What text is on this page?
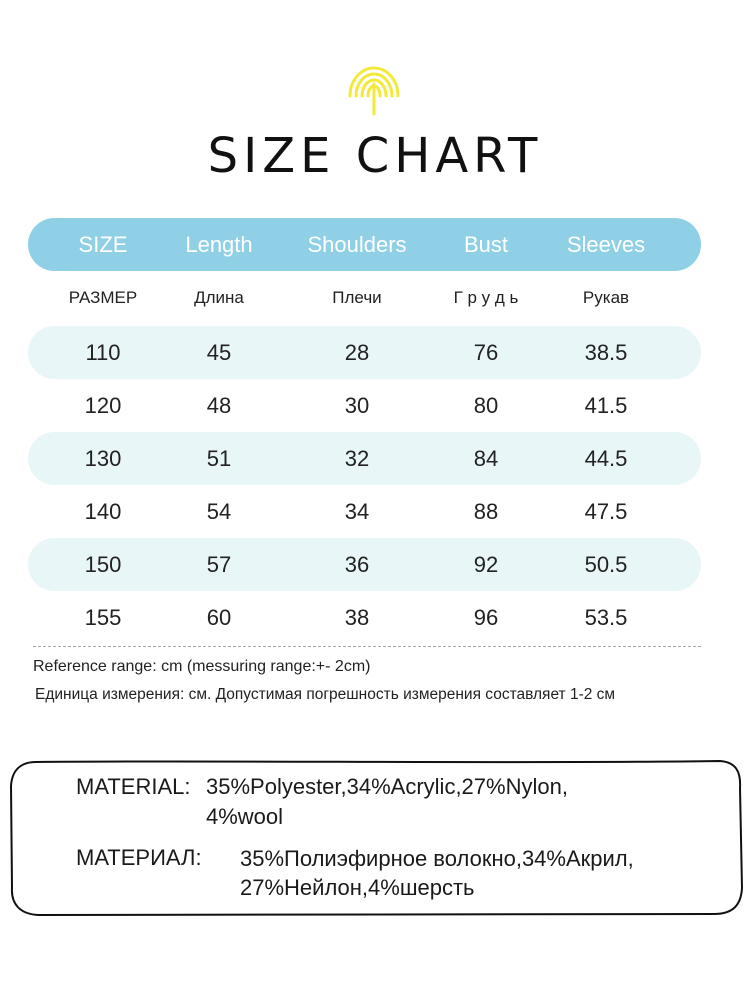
SIZE CHART
SIZE	Length	Shoulders	Bust	Sleeves
РАЗМЕР	Длина	Плечи	Г р у д ь	Рукав
110	45	28	76	38.5
120	48	30	80	41.5
130	51	32	84	44.5
140	54	34	88	47.5
150	57	36	92	50.5
155	60	38	96	53.5
Reference range: cm (messuring range:+- 2cm)
Единица измерения: см. Допустимая погрешность измерения составляет 1-2 см
MATERIAL: 35%Polyester,34%Acrylic,27%Nylon,
4%wool
МАТЕРИАЛ: 35%Полиэфирное волокно,34%Акрил,
27%Нейлон,4%шерсть
